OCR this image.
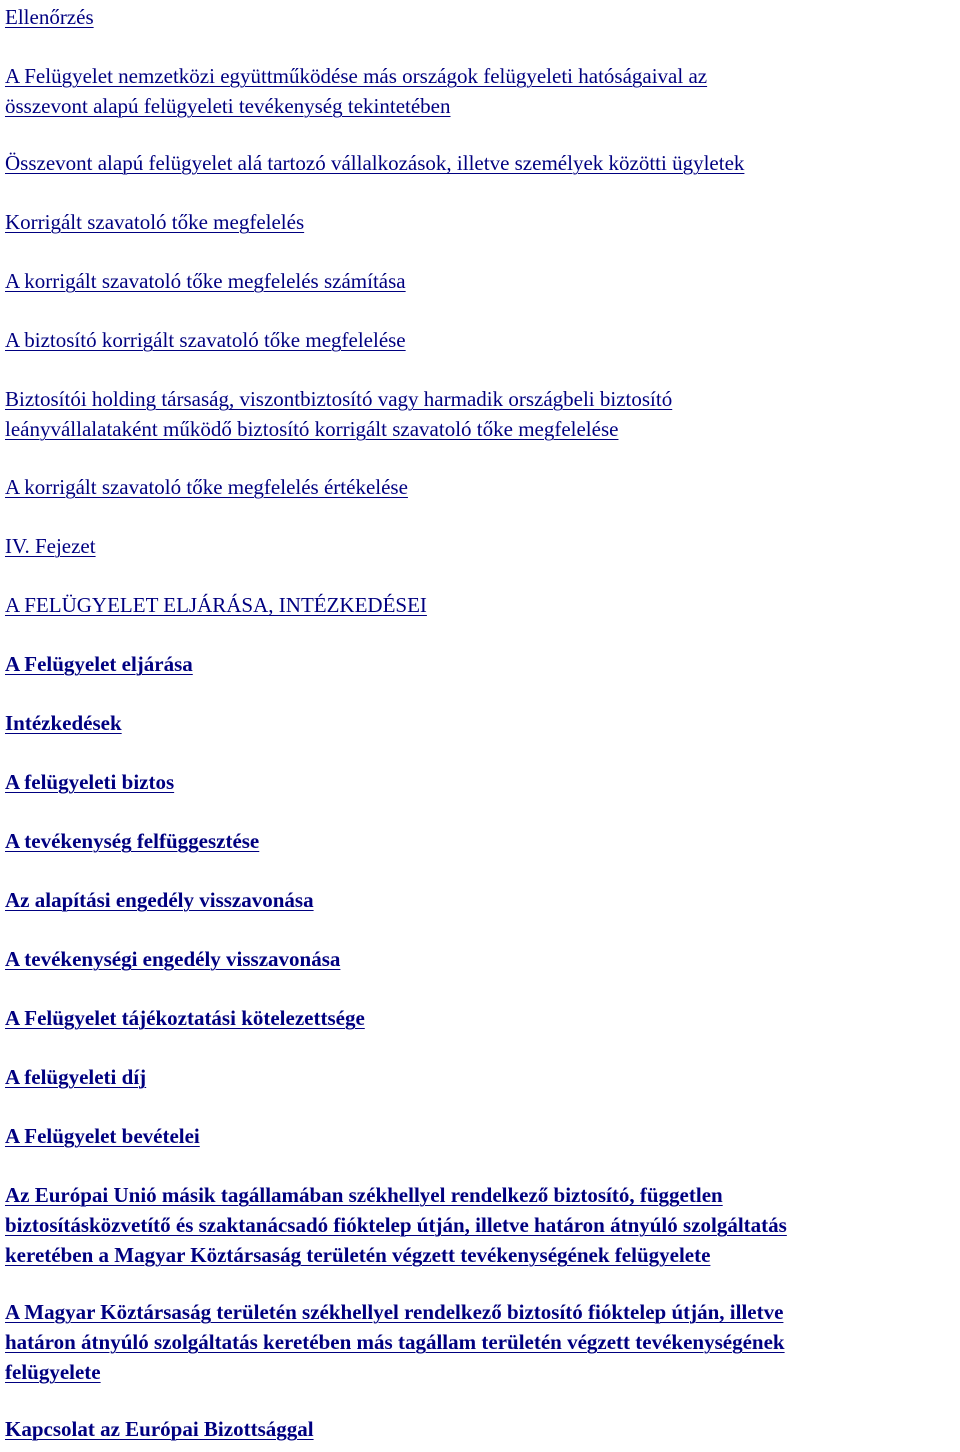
Ellenőrzés

A Felügyelet nemzetközi együttműködése más országok felügyeleti hatóságaival az
összevont alapú felügyeleti tevékenység tekintetében

Összevont alapú felügyelet alá tartozó vállalkozások, illetve személyek közötti ügyletek

Korrigált szavatoló tőke megfelelés

A korrigált szavatoló tőke megfelelés számítása

A biztosító korrigált szavatoló tőke megfelelése

Biztosítói holding társaság, viszontbiztosító vagy harmadik országbeli biztosító
leányvállalataként működő biztosító korrigált szavatoló tőke megfelelése

A korrigált szavatoló tőke megfelelés értékelése

IV. Fejezet

A FELÜGYELET ELJÁRÁSA, INTÉZKEDÉSEI

A Felügyelet eljárása

Intézkedések

A felügyeleti biztos

A tevékenység felfüggesztése

Az alapítási engedély visszavonása

A tevékenységi engedély visszavonása

A Felügyelet tájékoztatási kötelezettsége

A felügyeleti díj

A Felügyelet bevételei

Az Európai Unió másik tagállamában székhellyel rendelkező biztosító, független
biztosításközvetítő és szaktanácsadó fióktelep útján, illetve határon átnyúló szolgáltatás
keretében a Magyar Köztársaság területén végzett tevékenységének felügyelete

A Magyar Köztársaság területén székhellyel rendelkező biztosító fióktelep útján, illetve
határon átnyúló szolgáltatás keretében más tagállam területén végzett tevékenységének
felügyelete

Kapcsolat az Európai Bizottsággal
